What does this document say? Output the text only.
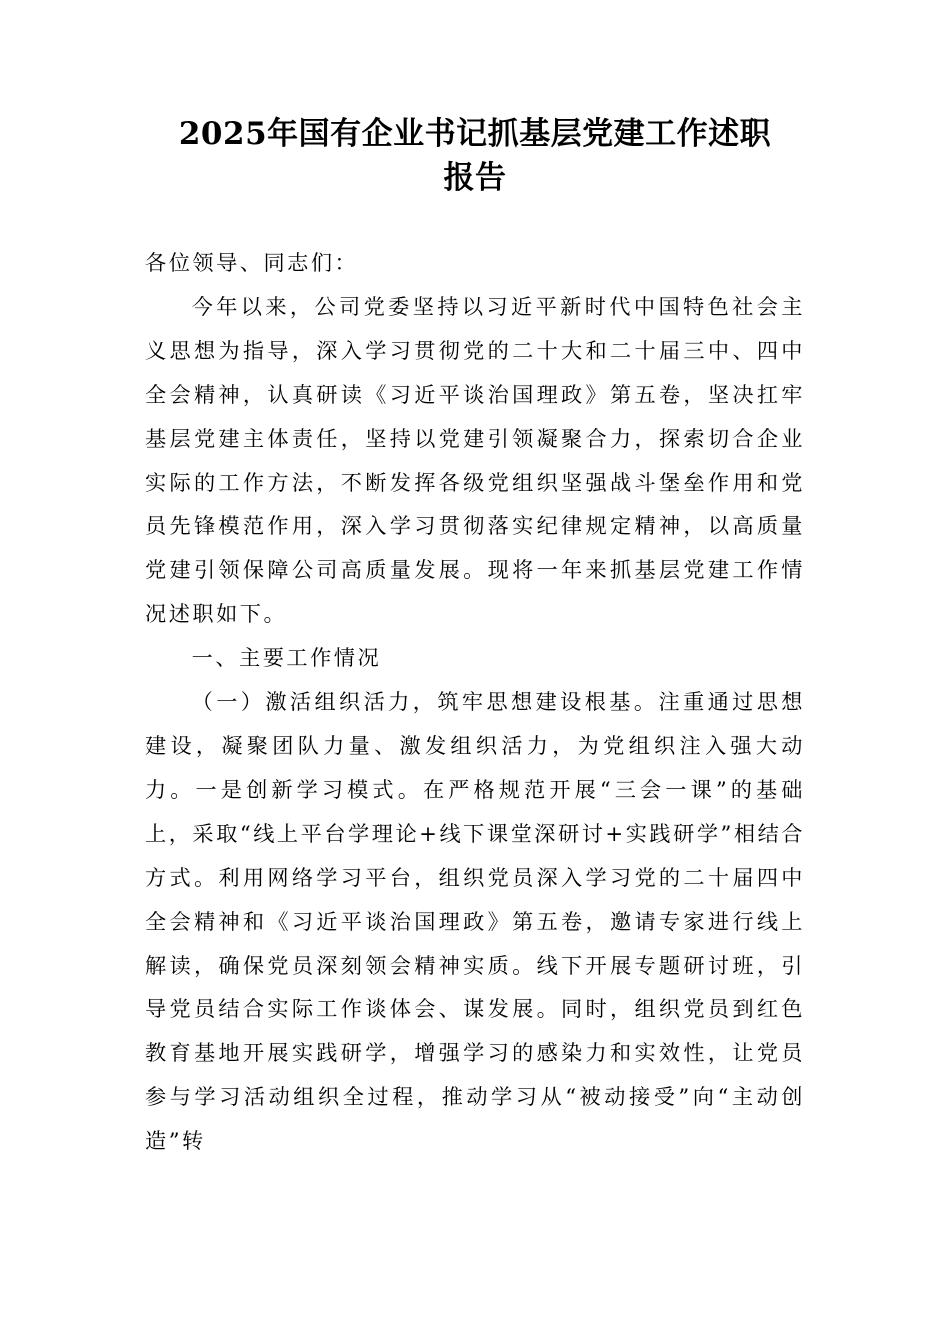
2025年国有企业书记抓基层党建工作述职
报告

各位领导、同志们：

今年以来，公司党委坚持以习近平新时代中国特色社会主义思想为指导，深入学习贯彻党的二十大和二十届三中、四中全会精神，认真研读《习近平谈治国理政》第五卷，坚决扛牢基层党建主体责任，坚持以党建引领凝聚合力，探索切合企业实际的工作方法，不断发挥各级党组织坚强战斗堡垒作用和党员先锋模范作用，深入学习贯彻落实纪律规定精神，以高质量党建引领保障公司高质量发展。现将一年来抓基层党建工作情况述职如下。

一、主要工作情况

（一）激活组织活力，筑牢思想建设根基。注重通过思想建设，凝聚团队力量、激发组织活力，为党组织注入强大动力。一是创新学习模式。在严格规范开展“三会一课”的基础上，采取“线上平台学理论+线下课堂深研讨+实践研学”相结合方式。利用网络学习平台，组织党员深入学习党的二十届四中全会精神和《习近平谈治国理政》第五卷，邀请专家进行线上解读，确保党员深刻领会精神实质。线下开展专题研讨班，引导党员结合实际工作谈体会、谋发展。同时，组织党员到红色教育基地开展实践研学，增强学习的感染力和实效性，让党员参与学习活动组织全过程，推动学习从“被动接受”向“主动创造”转
